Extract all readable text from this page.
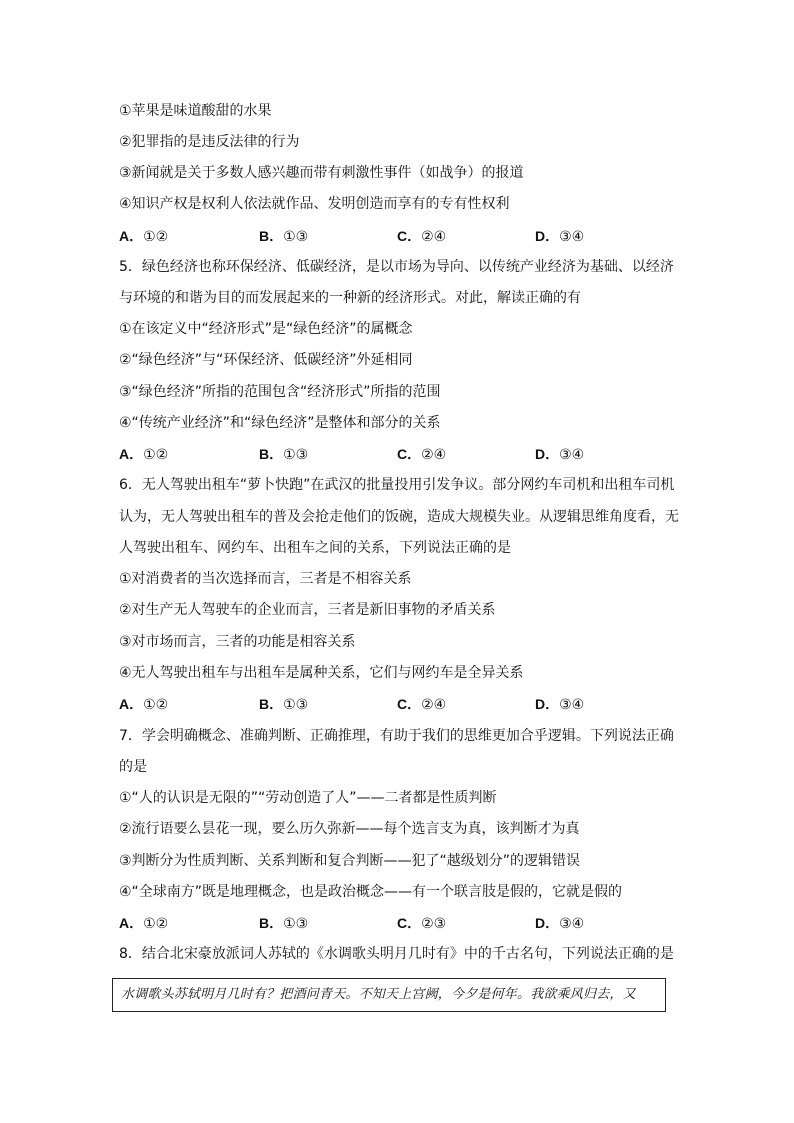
①苹果是味道酸甜的水果
②犯罪指的是违反法律的行为
③新闻就是关于多数人感兴趣而带有刺激性事件（如战争）的报道
④知识产权是权利人依法就作品、发明创造而享有的专有性权利
A．①②	B．①③	C．②④	D．③④
5．绿色经济也称环保经济、低碳经济，是以市场为导向、以传统产业经济为基础、以经济
与环境的和谐为目的而发展起来的一种新的经济形式。对此，解读正确的有
①在该定义中“经济形式”是“绿色经济”的属概念
②“绿色经济”与“环保经济、低碳经济”外延相同
③“绿色经济”所指的范围包含“经济形式”所指的范围
④“传统产业经济”和“绿色经济”是整体和部分的关系
A．①②	B．①③	C．②④	D．③④
6．无人驾驶出租车“萝卜快跑”在武汉的批量投用引发争议。部分网约车司机和出租车司机
认为，无人驾驶出租车的普及会抢走他们的饭碗，造成大规模失业。从逻辑思维角度看，无
人驾驶出租车、网约车、出租车之间的关系，下列说法正确的是
①对消费者的当次选择而言，三者是不相容关系
②对生产无人驾驶车的企业而言，三者是新旧事物的矛盾关系
③对市场而言，三者的功能是相容关系
④无人驾驶出租车与出租车是属种关系，它们与网约车是全异关系
A．①②	B．①③	C．②④	D．③④
7．学会明确概念、准确判断、正确推理，有助于我们的思维更加合乎逻辑。下列说法正确
的是
①“人的认识是无限的”“劳动创造了人”——二者都是性质判断
②流行语要么昙花一现，要么历久弥新——每个选言支为真，该判断才为真
③判断分为性质判断、关系判断和复合判断——犯了“越级划分”的逻辑错误
④“全球南方”既是地理概念，也是政治概念——有一个联言肢是假的，它就是假的
A．①②	B．①③	C．②③	D．③④
8．结合北宋豪放派词人苏轼的《水调歌头明月几时有》中的千古名句，下列说法正确的是
水调歌头苏轼明月几时有？把酒问青天。不知天上宫阙，今夕是何年。我欲乘风归去，又
